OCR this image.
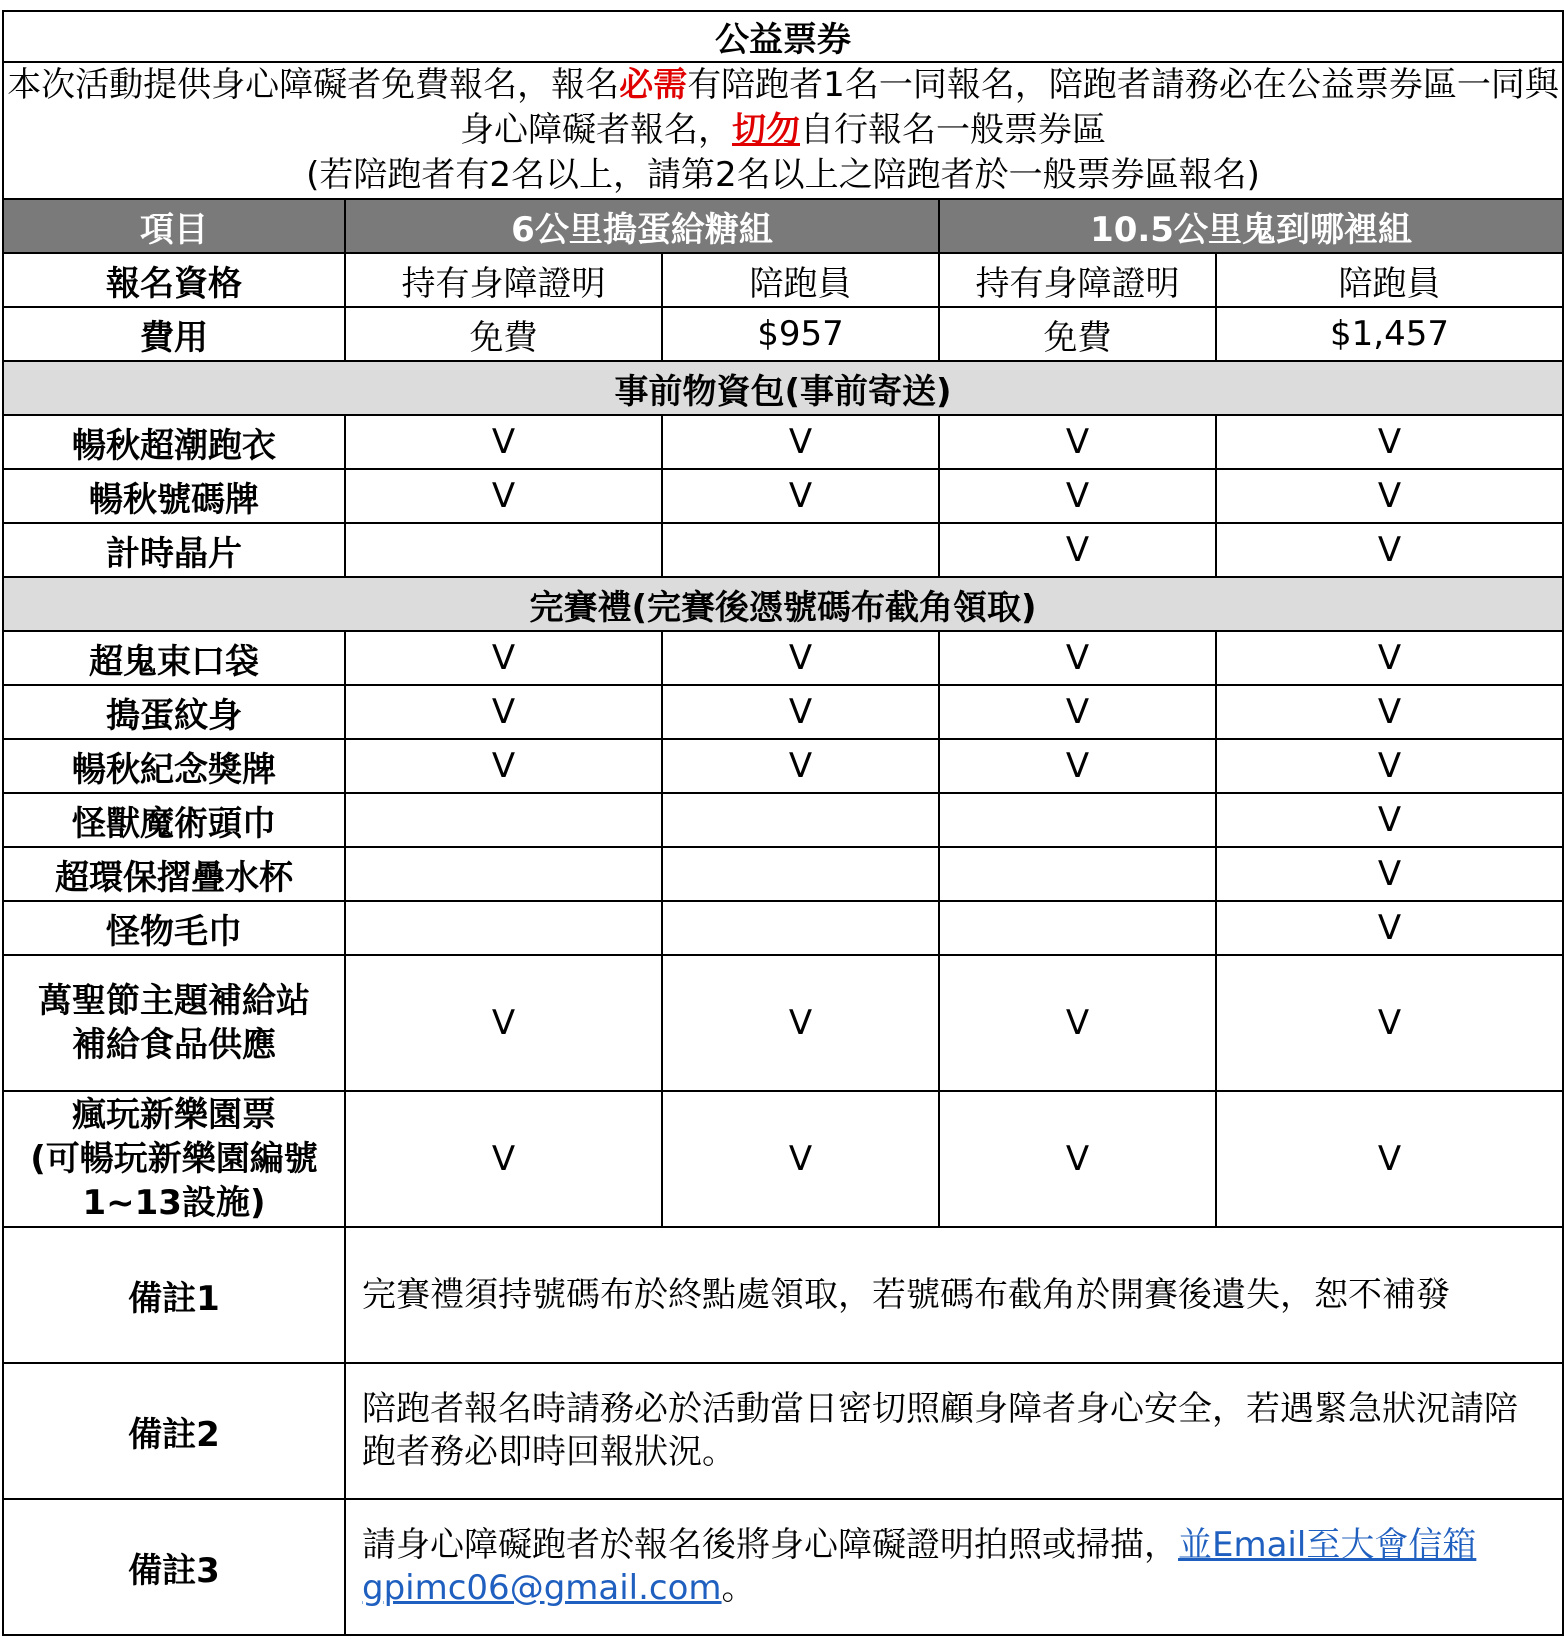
公益票券				
本次活動提供身心障礙者免費報名，報名必需有陪跑者1名一同報名，陪跑者請務必在公益票券區一同與身心障礙者報名，切勿自行報名一般票券區
(若陪跑者有2名以上，請第2名以上之陪跑者於一般票券區報名)				
項目	6公里搗蛋給糖組		10.5公里鬼到哪裡組	
報名資格	持有身障證明	陪跑員	持有身障證明	陪跑員
費用	免費	$957	免費	$1,457
事前物資包(事前寄送)				
暢秋超潮跑衣	V	V	V	V
暢秋號碼牌	V	V	V	V
計時晶片			V	V
完賽禮(完賽後憑號碼布截角領取)				
超鬼束口袋	V	V	V	V
搗蛋紋身	V	V	V	V
暢秋紀念獎牌	V	V	V	V
怪獸魔術頭巾				V
超環保摺疊水杯				V
怪物毛巾				V
萬聖節主題補給站
補給食品供應	V	V	V	V
瘋玩新樂園票
(可暢玩新樂園編號
1~13設施)	V	V	V	V
備註1	完賽禮須持號碼布於終點處領取，若號碼布截角於開賽後遺失，恕不補發			
備註2	陪跑者報名時請務必於活動當日密切照顧身障者身心安全，若遇緊急狀況請陪跑者務必即時回報狀況。			
備註3	請身心障礙跑者於報名後將身心障礙證明拍照或掃描，並Email至大會信箱gpimc06@gmail.com。			
